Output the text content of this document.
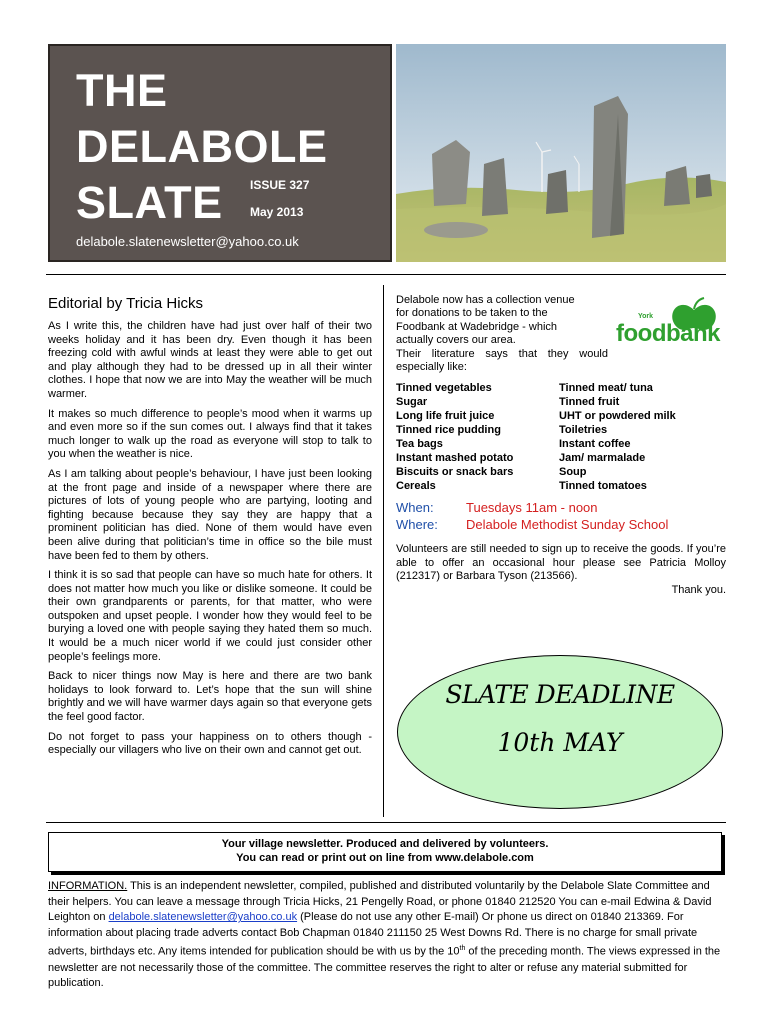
THE
DELABOLE
SLATE ISSUE 327
May 2013
delabole.slatenewsletter@yahoo.co.uk
Editorial by Tricia Hicks

As I write this, the children have had just over half of their two weeks holiday and it has been dry. Even though it has been freezing cold with awful winds at least they were able to get out and play although they had to be dressed up in all their winter clothes. I hope that now we are into May the weather will be much warmer.

It makes so much difference to people’s mood when it warms up and even more so if the sun comes out. I always find that it takes much longer to walk up the road as everyone will stop to talk to you when the weather is nice.

As I am talking about people’s behaviour, I have just been looking at the front page and inside of a newspaper where there are pictures of lots of young people who are partying, looting and fighting because because they say they are happy that a prominent politician has died. None of them would have even been alive during that politician’s time in office so the bile must have been fed to them by others.

I think it is so sad that people can have so much hate for others. It does not matter how much you like or dislike someone. It could be their own grandparents or parents, for that matter, who were outspoken and upset people. I wonder how they would feel to be burying a loved one with people saying they hated them so much. It would be a much nicer world if we could just consider other people’s feelings more.

Back to nicer things now May is here and there are two bank holidays to look forward to. Let’s hope that the sun will shine brightly and we will have warmer days again so that everyone gets the feel good factor.

Do not forget to pass your happiness on to others though - especially our villagers who live on their own and cannot get out.

York
foodbank

Delabole now has a collection venue

for donations to be taken to the

Foodbank at Wadebridge - which

actually covers our area.

Their literature says that they would especially like:

Tinned vegetables	Tinned meat/ tuna
Sugar	Tinned fruit
Long life fruit juice	UHT or powdered milk
Tinned rice pudding	Toiletries
Tea bags	Instant coffee
Instant mashed potato	Jam/ marmalade
Biscuits or snack bars	Soup
Cereals	Tinned tomatoes
When:	Tuesdays 11am - noon
Where:	Delabole Methodist Sunday School
Volunteers are still needed to sign up to receive the goods. If you’re able to offer an occasional hour please see Patricia Molloy (212317) or Barbara Tyson (213566).
Thank you.
SLATE DEADLINE
10th MAY
Your village newsletter. Produced and delivered by volunteers.
You can read or print out on line from www.delabole.com
INFORMATION. This is an independent newsletter, compiled, published and distributed voluntarily by the Delabole Slate Committee and their helpers. You can leave a message through Tricia Hicks, 21 Pengelly Road, or phone 01840 212520 You can e-mail Edwina & David Leighton on delabole.slatenewsletter@yahoo.co.uk (Please do not use any other E-mail) Or phone us direct on 01840 213369. For information about placing trade adverts contact Bob Chapman 01840 211150 25 West Downs Rd. There is no charge for small private adverts, birthdays etc. Any items intended for publication should be with us by the 10th of the preceding month. The views expressed in the newsletter are not necessarily those of the committee. The committee reserves the right to alter or refuse any material submitted for publication.
